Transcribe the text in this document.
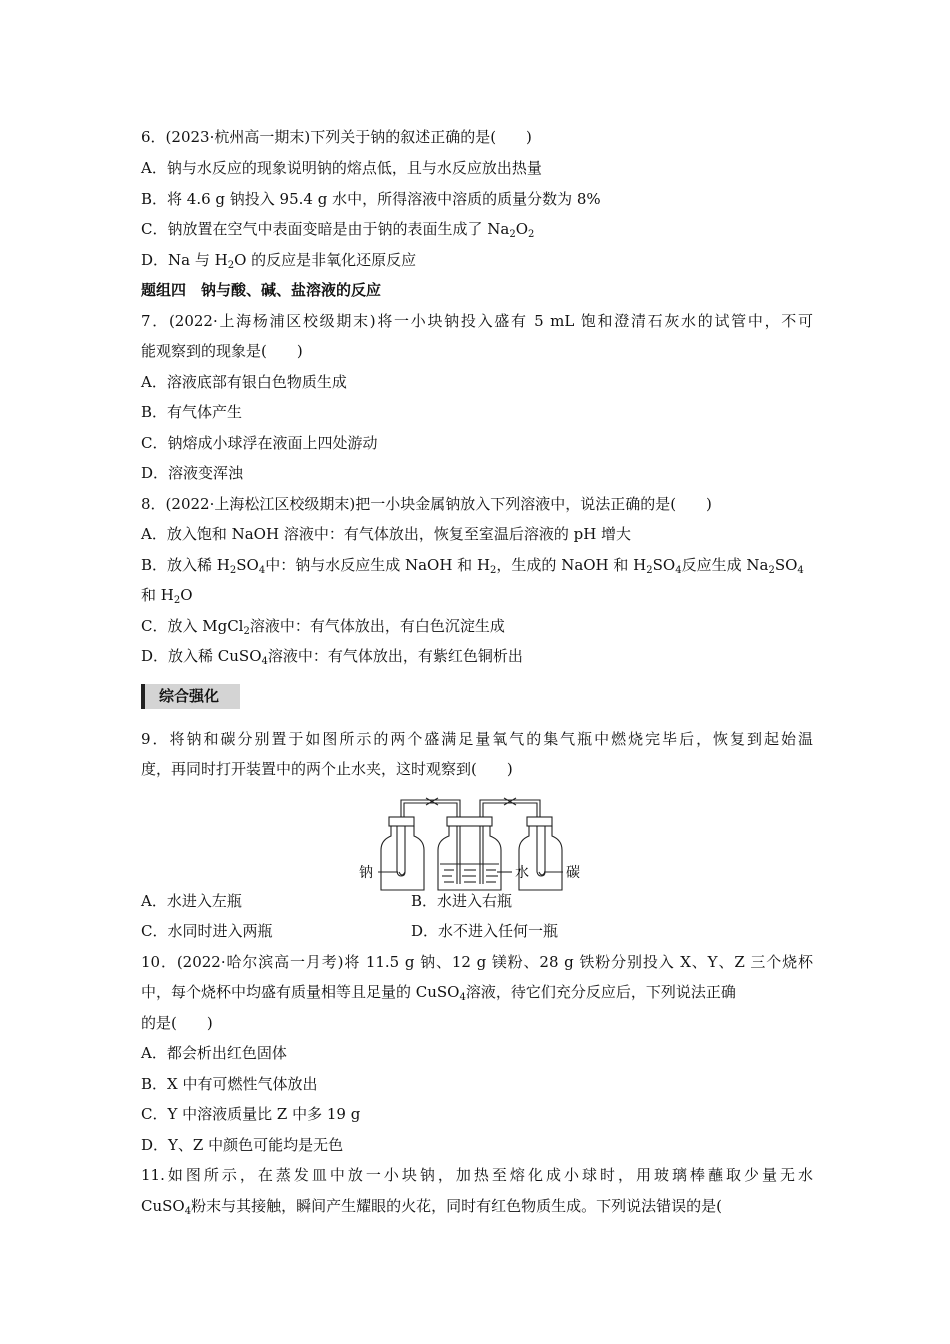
6．(2023·杭州高一期末)下列关于钠的叙述正确的是(　　)
A．钠与水反应的现象说明钠的熔点低，且与水反应放出热量
B．将 4.6 g 钠投入 95.4 g 水中，所得溶液中溶质的质量分数为 8%
C．钠放置在空气中表面变暗是由于钠的表面生成了 $Na_2O_2$
D．Na 与 $H_2O$ 的反应是非氧化还原反应
题组四　钠与酸、碱、盐溶液的反应
7．(2022·上海杨浦区校级期末)将一小块钠投入盛有 5 mL 饱和澄清石灰水的试管中，不可
能观察到的现象是(　　)
A．溶液底部有银白色物质生成
B．有气体产生
C．钠熔成小球浮在液面上四处游动
D．溶液变浑浊
8．(2022·上海松江区校级期末)把一小块金属钠放入下列溶液中，说法正确的是(　　)
A．放入饱和 NaOH 溶液中：有气体放出，恢复至室温后溶液的 pH 增大
B．放入稀 $H_2SO_4$中：钠与水反应生成 NaOH 和 $H_2$，生成的 NaOH 和 $H_2SO_4$反应生成 $Na_2SO_4$
和 $H_2O$
C．放入 MgCl$_2$溶液中：有气体放出，有白色沉淀生成
D．放入稀 CuSO$_4$溶液中：有气体放出，有紫红色铜析出
综合强化
9．将钠和碳分别置于如图所示的两个盛满足量氧气的集气瓶中燃烧完毕后，恢复到起始温
度，再同时打开装置中的两个止水夹，这时观察到(　　)
钠	水	碳
A．水进入左瓶	B．水进入右瓶
C．水同时进入两瓶	D．水不进入任何一瓶
10．(2022·哈尔滨高一月考)将 11.5 g 钠、12 g 镁粉、28 g 铁粉分别投入 X、Y、Z 三个烧杯
中，每个烧杯中均盛有质量相等且足量的 CuSO$_4$溶液，待它们充分反应后，下列说法正确
的是(　　)
A．都会析出红色固体
B．X 中有可燃性气体放出
C．Y 中溶液质量比 Z 中多 19 g
D．Y、Z 中颜色可能均是无色
11.如图所示，在蒸发皿中放一小块钠，加热至熔化成小球时，用玻璃棒蘸取少量无水
CuSO$_4$粉末与其接触，瞬间产生耀眼的火花，同时有红色物质生成。下列说法错误的是(
